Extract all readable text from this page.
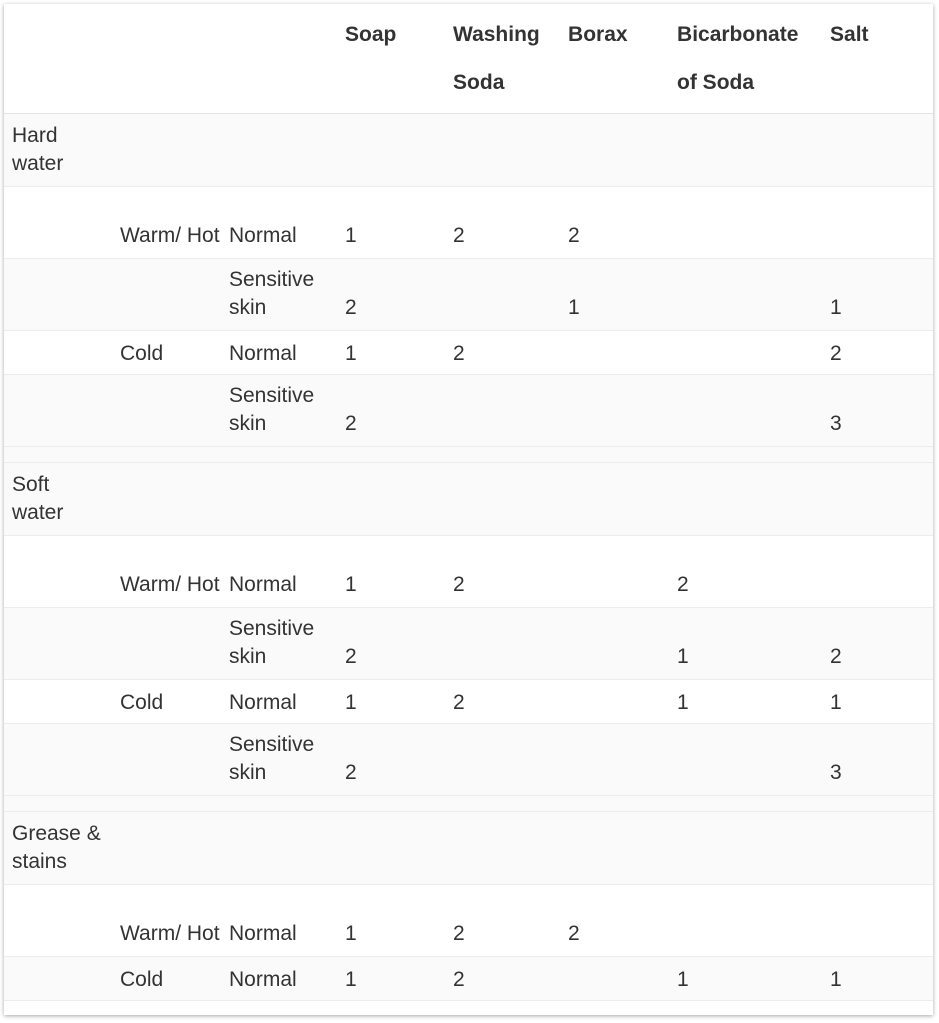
			Soap	Washing Soda	Borax	Bicarbonate of Soda	Salt

Hard water							

	Warm/ Hot	Normal	1	2	2		
		Sensitive skin	2		1		1
	Cold	Normal	1	2			2
		Sensitive skin	2				3

Soft water							

	Warm/ Hot	Normal	1	2		2	
		Sensitive skin	2			1	2
	Cold	Normal	1	2		1	1
		Sensitive skin	2				3

Grease & stains							

	Warm/ Hot	Normal	1	2	2		
	Cold	Normal	1	2		1	1
